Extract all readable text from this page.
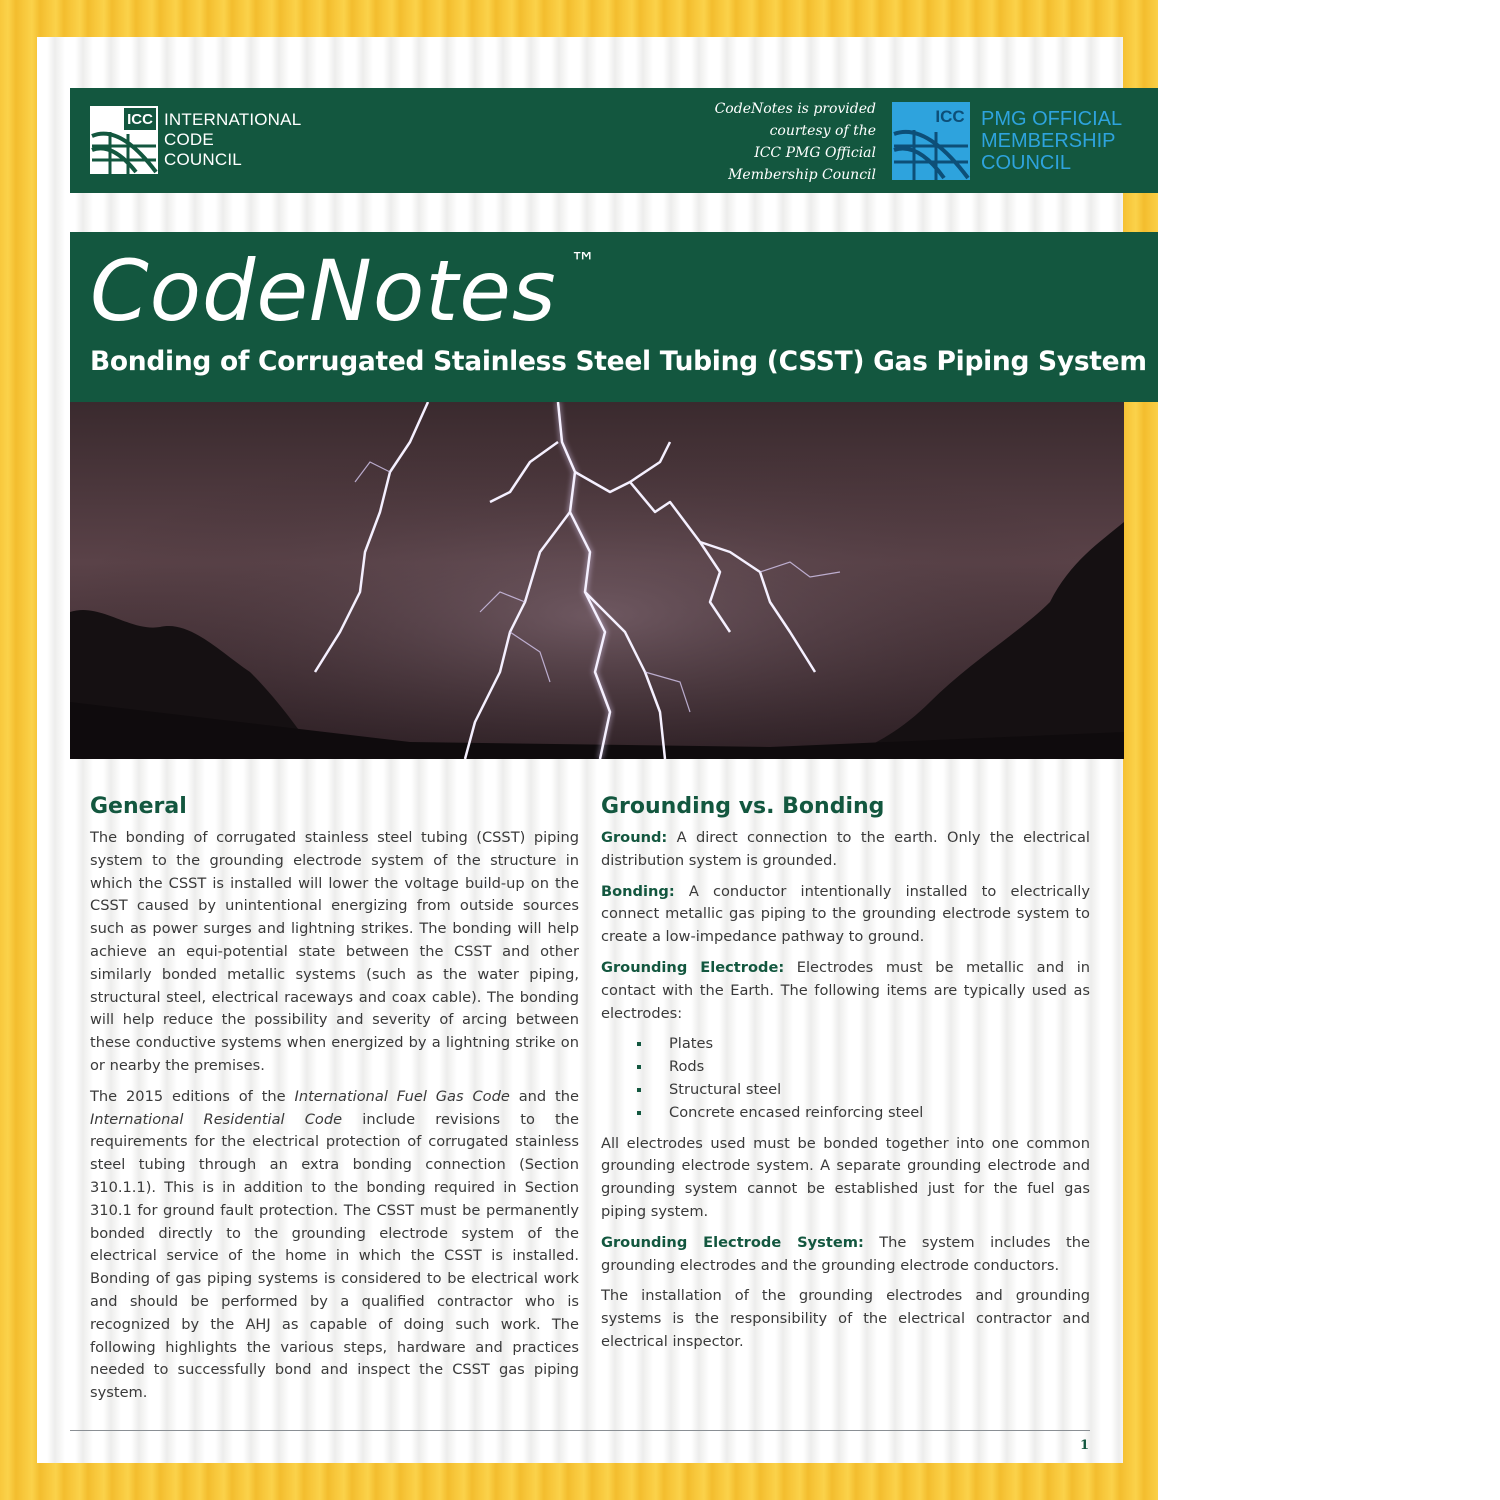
ICC INTERNATIONAL
CODE
COUNCIL
CodeNotes is provided
courtesy of the
ICC PMG Official
Membership Council
ICC PMG OFFICIAL
MEMBERSHIP
COUNCIL
CodeNotes ™
Bonding of Corrugated Stainless Steel Tubing (CSST) Gas Piping System
General

The bonding of corrugated stainless steel tubing (CSST) piping system to the grounding electrode system of the structure in which the CSST is installed will lower the voltage build-up on the CSST caused by unintentional energizing from outside sources such as power surges and lightning strikes. The bonding will help achieve an equi-potential state between the CSST and other similarly bonded metallic systems (such as the water piping, structural steel, electrical raceways and coax cable). The bonding will help reduce the possibility and severity of arcing between these conductive systems when energized by a lightning strike on or nearby the premises.

The 2015 editions of the International Fuel Gas Code and the International Residential Code include revisions to the requirements for the electrical protection of corrugated stainless steel tubing through an extra bonding connection (Section 310.1.1). This is in addition to the bonding required in Section 310.1 for ground fault protection. The CSST must be permanently bonded directly to the grounding electrode system of the electrical service of the home in which the CSST is installed. Bonding of gas piping systems is considered to be electrical work and should be performed by a qualified contractor who is recognized by the AHJ as capable of doing such work. The following highlights the various steps, hardware and practices needed to successfully bond and inspect the CSST gas piping system.

Grounding vs. Bonding

Ground: A direct connection to the earth. Only the electrical distribution system is grounded.

Bonding: A conductor intentionally installed to electrically connect metallic gas piping to the grounding electrode system to create a low-impedance pathway to ground.

Grounding Electrode: Electrodes must be metallic and in contact with the Earth. The following items are typically used as electrodes:

Plates
Rods
Structural steel
Concrete encased reinforcing steel

All electrodes used must be bonded together into one common grounding electrode system. A separate grounding electrode and grounding system cannot be established just for the fuel gas piping system.

Grounding Electrode System: The system includes the grounding electrodes and the grounding electrode conductors.

The installation of the grounding electrodes and grounding systems is the responsibility of the electrical contractor and electrical inspector.

1
